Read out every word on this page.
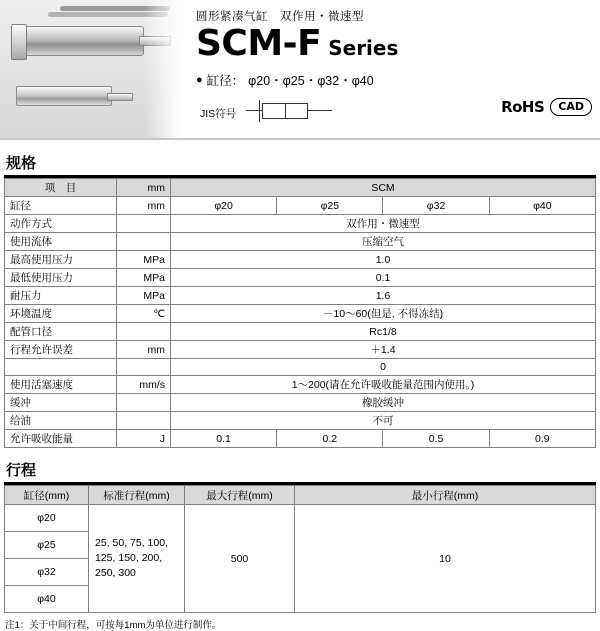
圆形紧凑气缸　双作用・微速型
SCM-F Series
● 缸径： φ20・φ25・φ32・φ40
JIS符号	RoHS	CAD
规格
项　目	mm	SCM			
缸径	mm	φ20	φ25	φ32	φ40
动作方式		双作用・微速型			
使用流体		压缩空气			
最高使用压力	MPa	1.0			
最低使用压力	MPa	0.1			
耐压力	MPa	1.6			
环境温度	℃	－10～60(但是, 不得冻结)			
配管口径		Rc1/8			
行程允许误差	mm	＋1.4			
		0			
使用活塞速度	mm/s	1～200(请在允许吸收能量范围内使用。)			
缓冲		橡胶缓冲			
给油		不可			
允许吸收能量	J	0.1	0.2	0.5	0.9
行程
缸径(mm)	标准行程(mm)	最大行程(mm)	最小行程(mm)
φ20	25, 50, 75, 100,
125, 150, 200,
250, 300	500	10
φ25			
φ32			
φ40			
注1：关于中间行程，可按每1mm为单位进行制作。
